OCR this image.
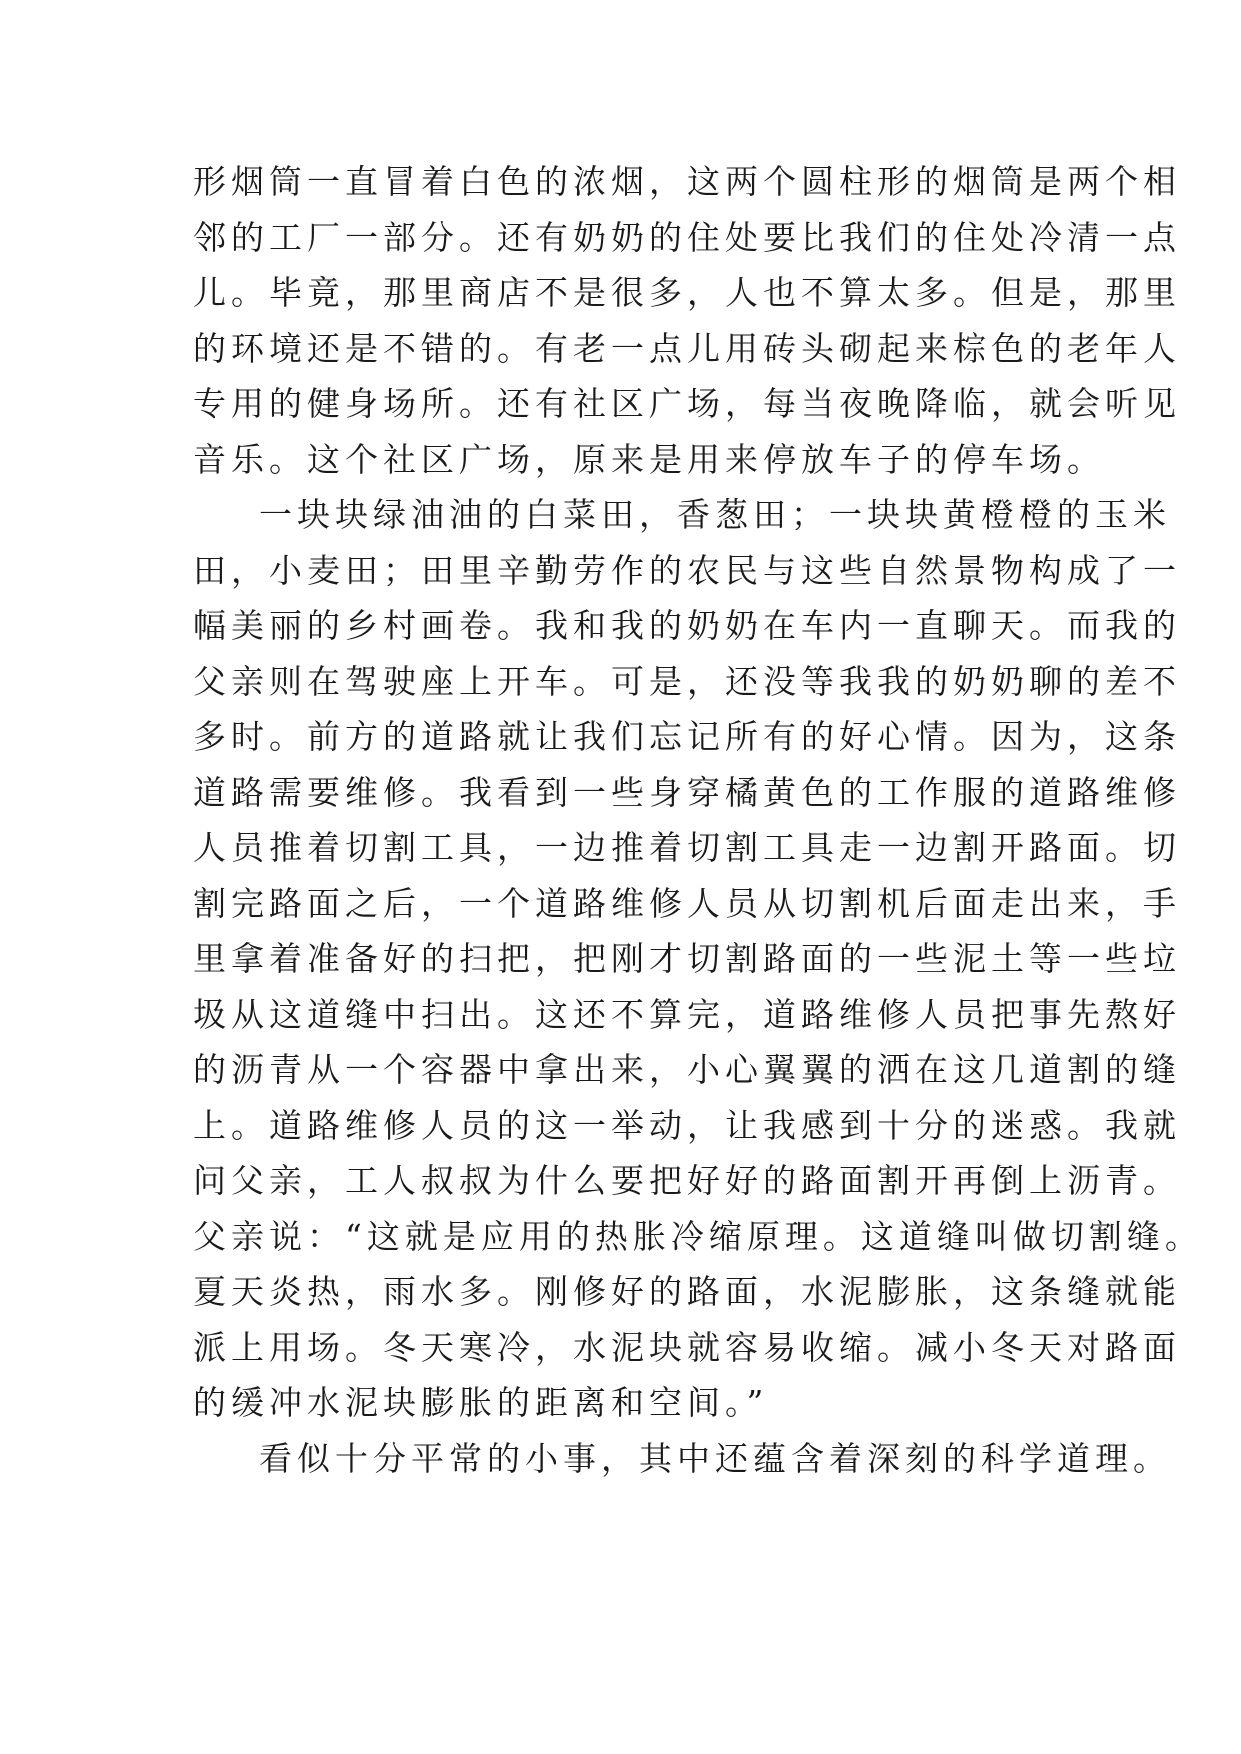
形烟筒一直冒着白色的浓烟，这两个圆柱形的烟筒是两个相
邻的工厂一部分。还有奶奶的住处要比我们的住处冷清一点
儿。毕竟，那里商店不是很多，人也不算太多。但是，那里
的环境还是不错的。有老一点儿用砖头砌起来棕色的老年人
专用的健身场所。还有社区广场，每当夜晚降临，就会听见
音乐。这个社区广场，原来是用来停放车子的停车场。
一块块绿油油的白菜田，香葱田；一块块黄橙橙的玉米
田，小麦田；田里辛勤劳作的农民与这些自然景物构成了一
幅美丽的乡村画卷。我和我的奶奶在车内一直聊天。而我的
父亲则在驾驶座上开车。可是，还没等我我的奶奶聊的差不
多时。前方的道路就让我们忘记所有的好心情。因为，这条
道路需要维修。我看到一些身穿橘黄色的工作服的道路维修
人员推着切割工具，一边推着切割工具走一边割开路面。切
割完路面之后，一个道路维修人员从切割机后面走出来，手
里拿着准备好的扫把，把刚才切割路面的一些泥土等一些垃
圾从这道缝中扫出。这还不算完，道路维修人员把事先熬好
的沥青从一个容器中拿出来，小心翼翼的洒在这几道割的缝
上。道路维修人员的这一举动，让我感到十分的迷惑。我就
问父亲，工人叔叔为什么要把好好的路面割开再倒上沥青。
父亲说：“这就是应用的热胀冷缩原理。这道缝叫做切割缝。
夏天炎热，雨水多。刚修好的路面，水泥膨胀，这条缝就能
派上用场。冬天寒冷，水泥块就容易收缩。减小冬天对路面
的缓冲水泥块膨胀的距离和空间。”
看似十分平常的小事，其中还蕴含着深刻的科学道理。
